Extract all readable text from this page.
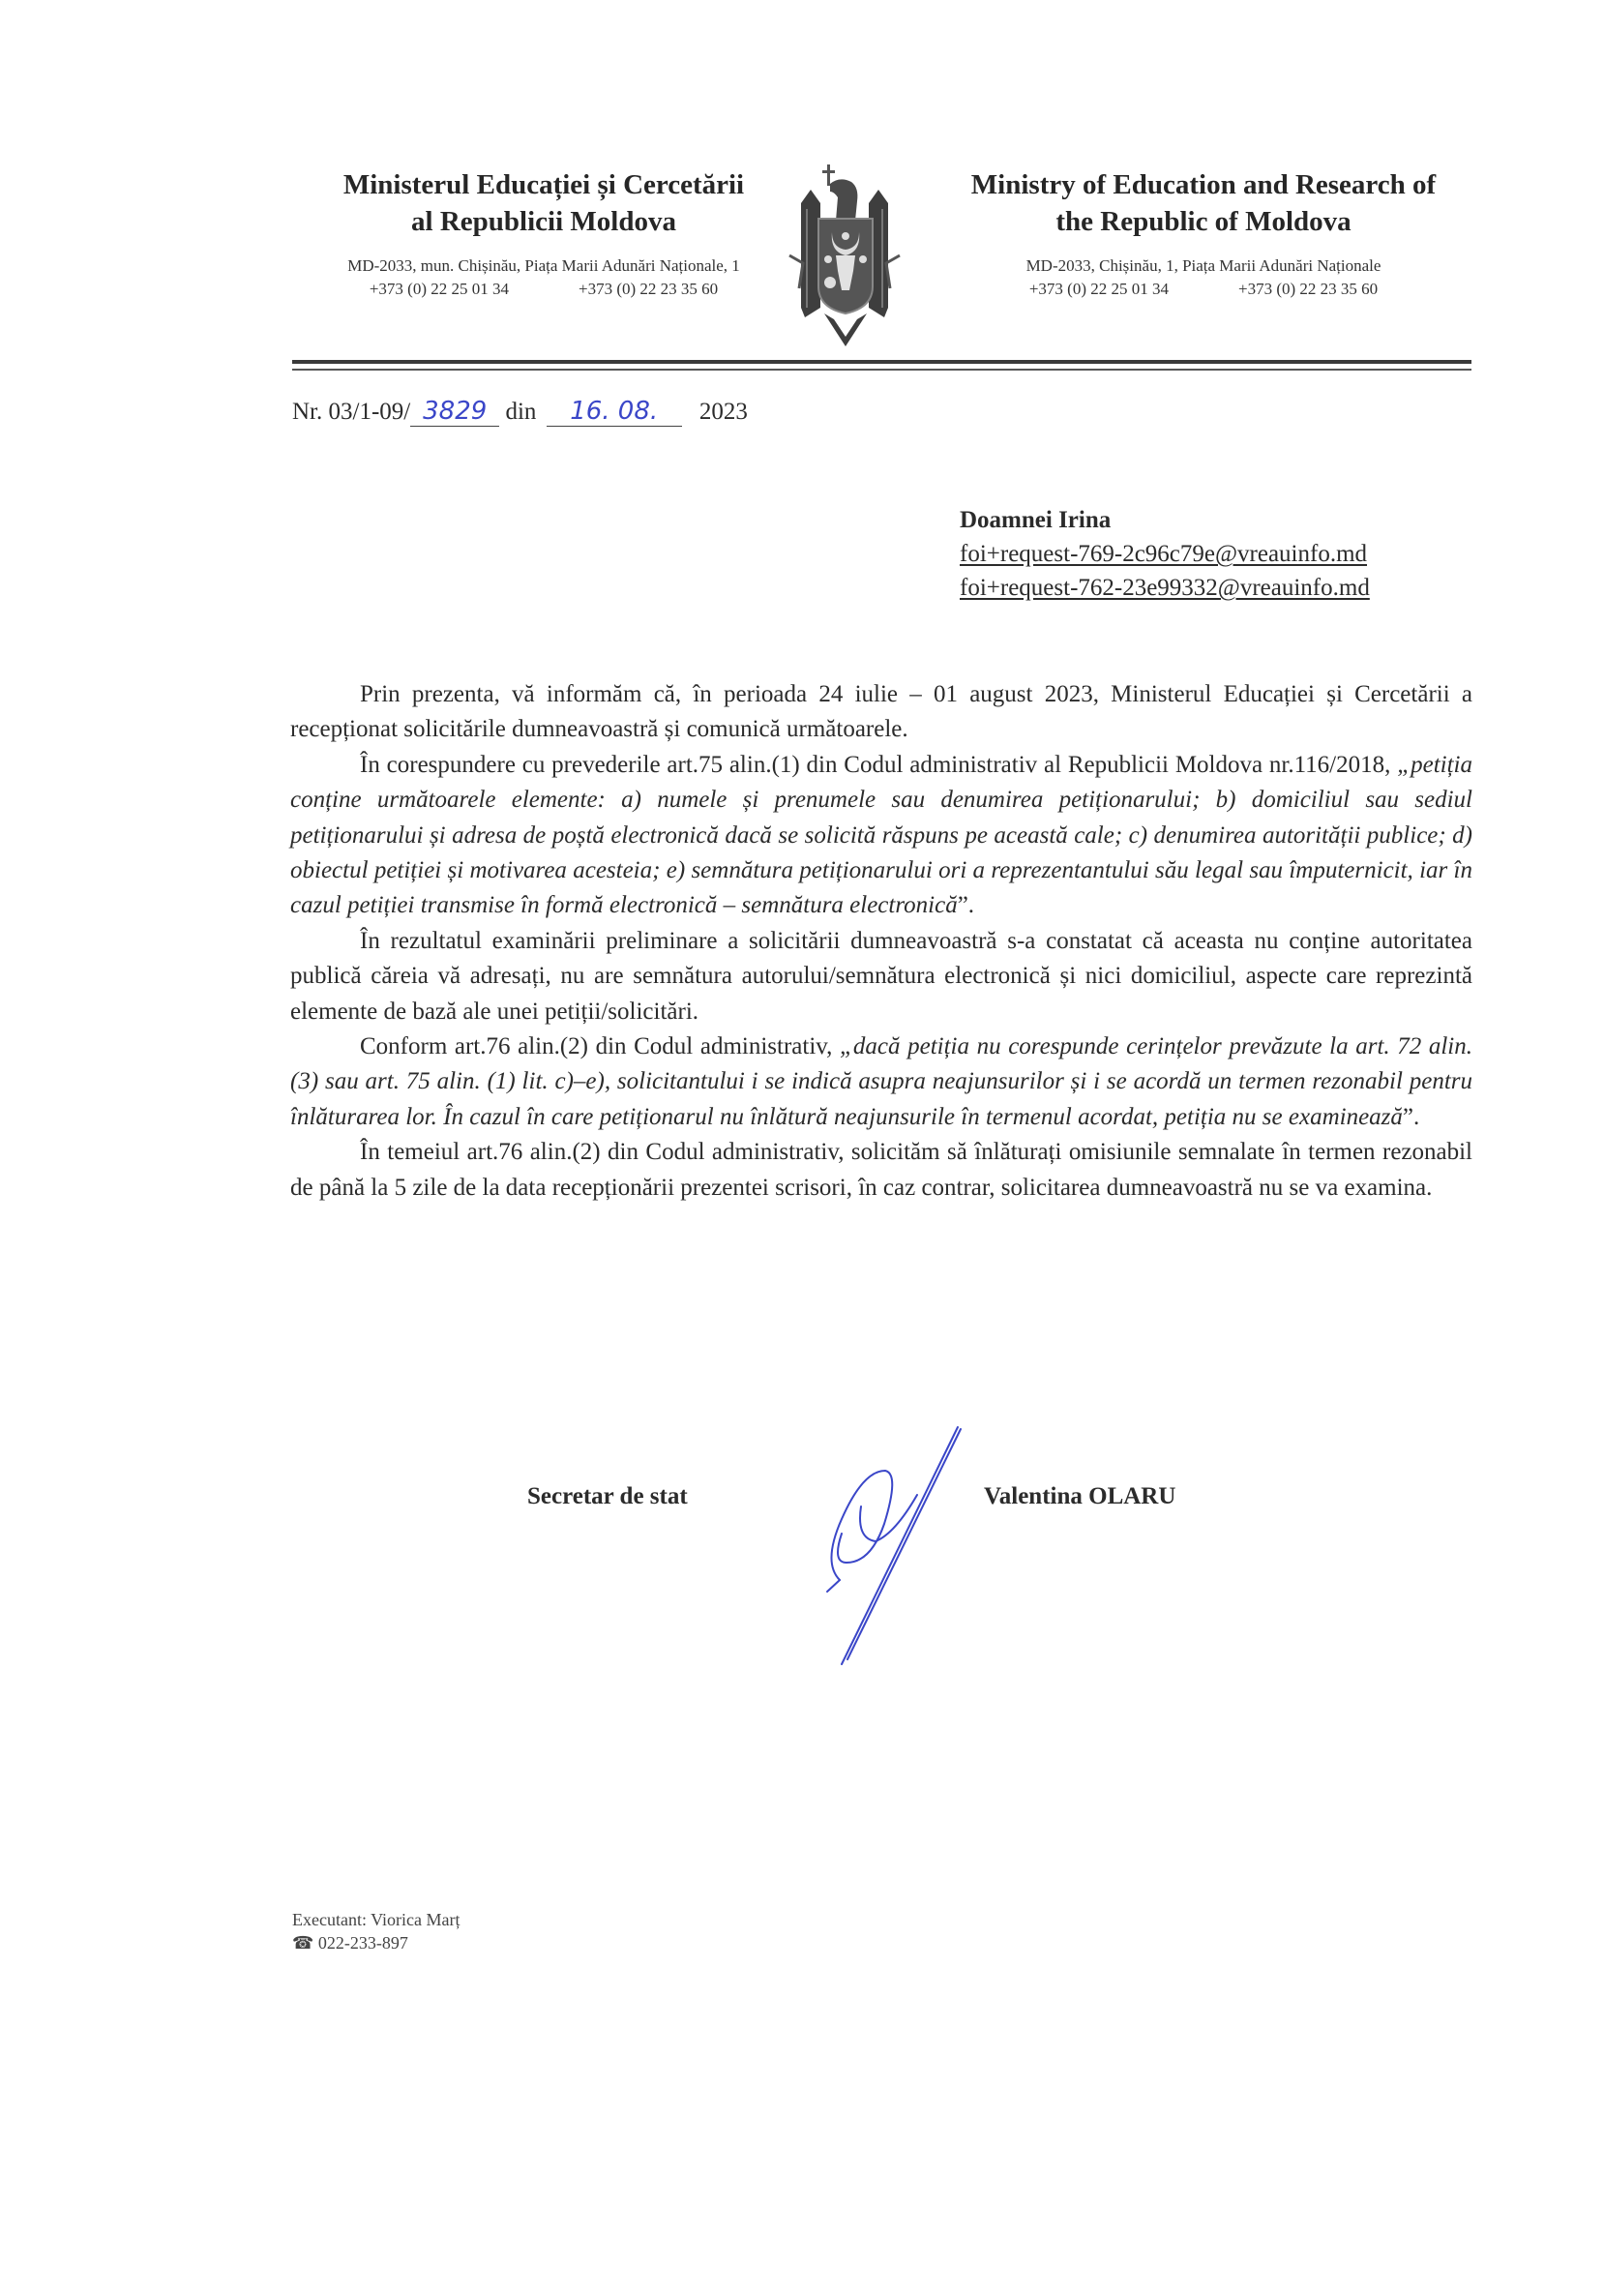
Ministerul Educației și Cercetării
al Republicii Moldova
MD-2033, mun. Chișinău, Piața Marii Adunări Naționale, 1
+373 (0) 22 25 01 34	+373 (0) 22 23 35 60
Ministry of Education and Research of
the Republic of Moldova
MD-2033, Chișinău, 1, Piața Marii Adunări Naționale
+373 (0) 22 25 01 34	+373 (0) 22 23 35 60
Nr. 03/1-09/ 3829 din 16. 08. 2023
Doamnei Irina
foi+request-769-2c96c79e@vreauinfo.md
foi+request-762-23e99332@vreauinfo.md

Prin prezenta, vă informăm că, în perioada 24 iulie – 01 august 2023, Ministerul Educației și Cercetării a recepționat solicitările dumneavoastră și comunică următoarele.

În corespundere cu prevederile art.75 alin.(1) din Codul administrativ al Republicii Moldova nr.116/2018, „petiția conține următoarele elemente: a) numele și prenumele sau denumirea petiționarului; b) domiciliul sau sediul petiționarului și adresa de poștă electronică dacă se solicită răspuns pe această cale; c) denumirea autorității publice; d) obiectul petiției și motivarea acesteia; e) semnătura petiționarului ori a reprezentantului său legal sau împuternicit, iar în cazul petiției transmise în formă electronică – semnătura electronică”.

În rezultatul examinării preliminare a solicitării dumneavoastră s-a constatat că aceasta nu conține autoritatea publică căreia vă adresați, nu are semnătura autorului/semnătura electronică și nici domiciliul, aspecte care reprezintă elemente de bază ale unei petiții/solicitări.

Conform art.76 alin.(2) din Codul administrativ, „dacă petiția nu corespunde cerințelor prevăzute la art. 72 alin. (3) sau art. 75 alin. (1) lit. c)–e), solicitantului i se indică asupra neajunsurilor și i se acordă un termen rezonabil pentru înlăturarea lor. În cazul în care petiționarul nu înlătură neajunsurile în termenul acordat, petiția nu se examinează”.

În temeiul art.76 alin.(2) din Codul administrativ, solicităm să înlăturați omisiunile semnalate în termen rezonabil de până la 5 zile de la data recepționării prezentei scrisori, în caz contrar, solicitarea dumneavoastră nu se va examina.

Secretar de stat	Valentina OLARU
Executant: Viorica Marț
☎ 022-233-897
